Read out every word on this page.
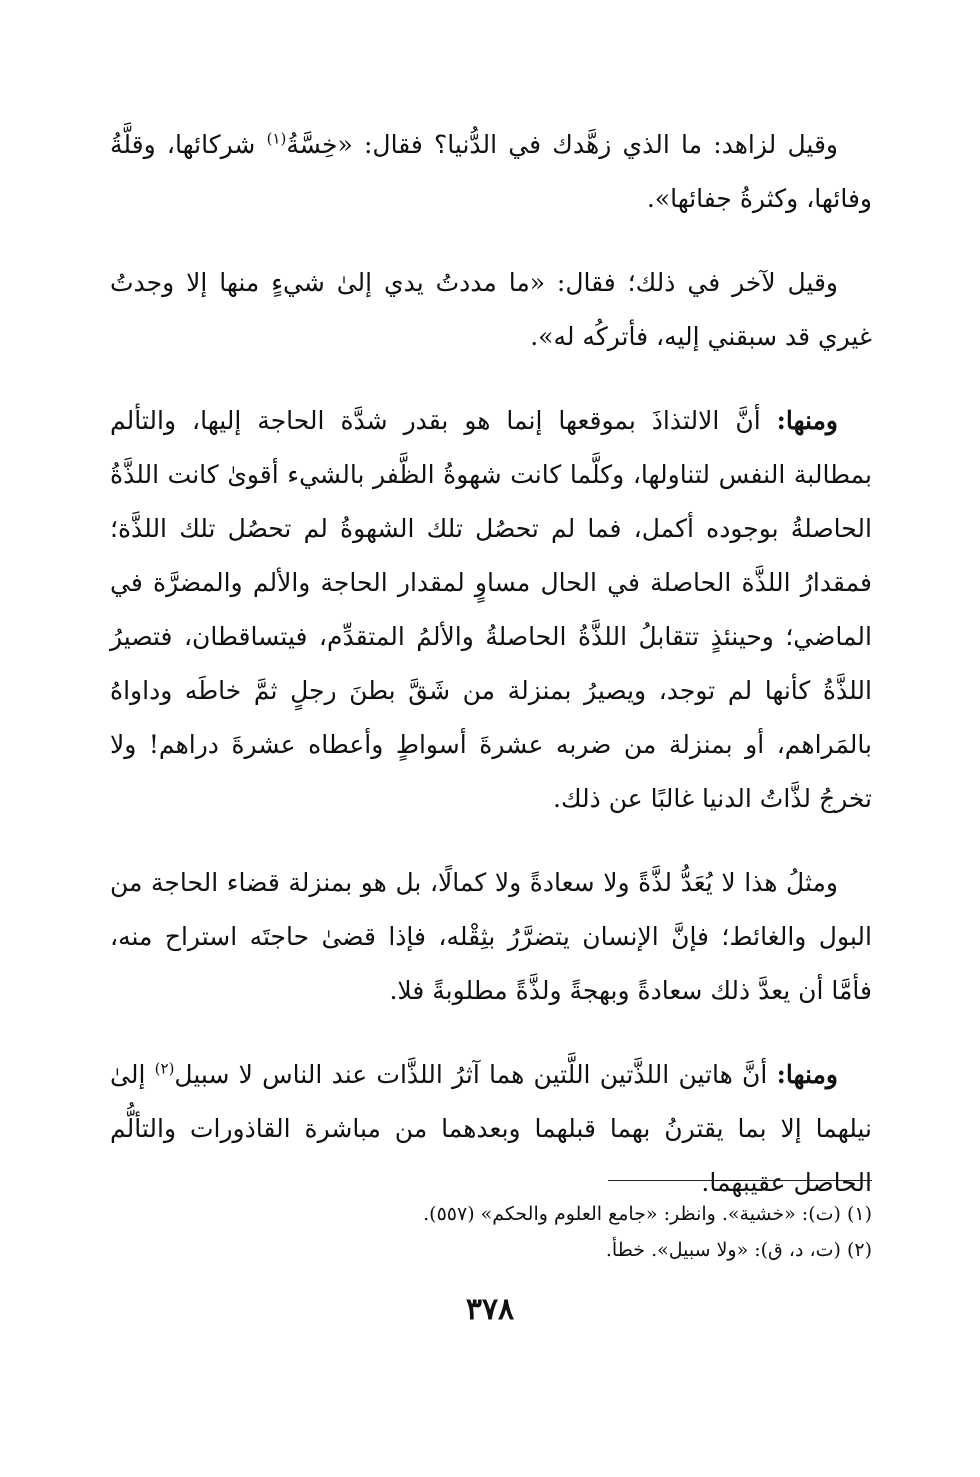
وقيل لزاهد: ما الذي زهَّدك في الدُّنيا؟ فقال: «خِسَّةُ$^{(١)}$ شركائها، وقلَّةُ وفائها، وكثرةُ جفائها».

وقيل لآخر في ذلك؛ فقال: «ما مددتُ يدي إلىٰ شيءٍ منها إلا وجدتُ غيري قد سبقني إليه، فأتركُه له».

ومنها: أنَّ الالتذاذَ بموقعها إنما هو بقدر شدَّة الحاجة إليها، والتألم بمطالبة النفس لتناولها، وكلَّما كانت شهوةُ الظَّفر بالشيء أقوىٰ كانت اللذَّةُ الحاصلةُ بوجوده أكمل، فما لم تحصُل تلك الشهوةُ لم تحصُل تلك اللذَّة؛ فمقدارُ اللذَّة الحاصلة في الحال مساوٍ لمقدار الحاجة والألم والمضرَّة في الماضي؛ وحينئذٍ تتقابلُ اللذَّةُ الحاصلةُ والألمُ المتقدِّم، فيتساقطان، فتصيرُ اللذَّةُ كأنها لم توجد، ويصيرُ بمنزلة من شَقَّ بطنَ رجلٍ ثمَّ خاطَه وداواهُ بالمَراهم، أو بمنزلة من ضربه عشرةَ أسواطٍ وأعطاه عشرةَ دراهم! ولا تخرجُ لذَّاتُ الدنيا غالبًا عن ذلك.

ومثلُ هذا لا يُعَدُّ لذَّةً ولا سعادةً ولا كمالًا، بل هو بمنزلة قضاء الحاجة من البول والغائط؛ فإنَّ الإنسان يتضرَّرُ بثِقْله، فإذا قضىٰ حاجتَه استراح منه، فأمَّا أن يعدَّ ذلك سعادةً وبهجةً ولذَّةً مطلوبةً فلا.

ومنها: أنَّ هاتين اللذَّتين اللَّتين هما آثرُ اللذَّات عند الناس لا سبيل$^{(٢)}$ إلىٰ نيلهما إلا بما يقترنُ بهما قبلهما وبعدهما من مباشرة القاذورات والتألُّم الحاصل عقيبهما.

(١) (ت): «خشية». وانظر: «جامع العلوم والحكم» (٥٥٧).

(٢) (ت، د، ق): «ولا سبيل». خطأ.

٣٧٨
